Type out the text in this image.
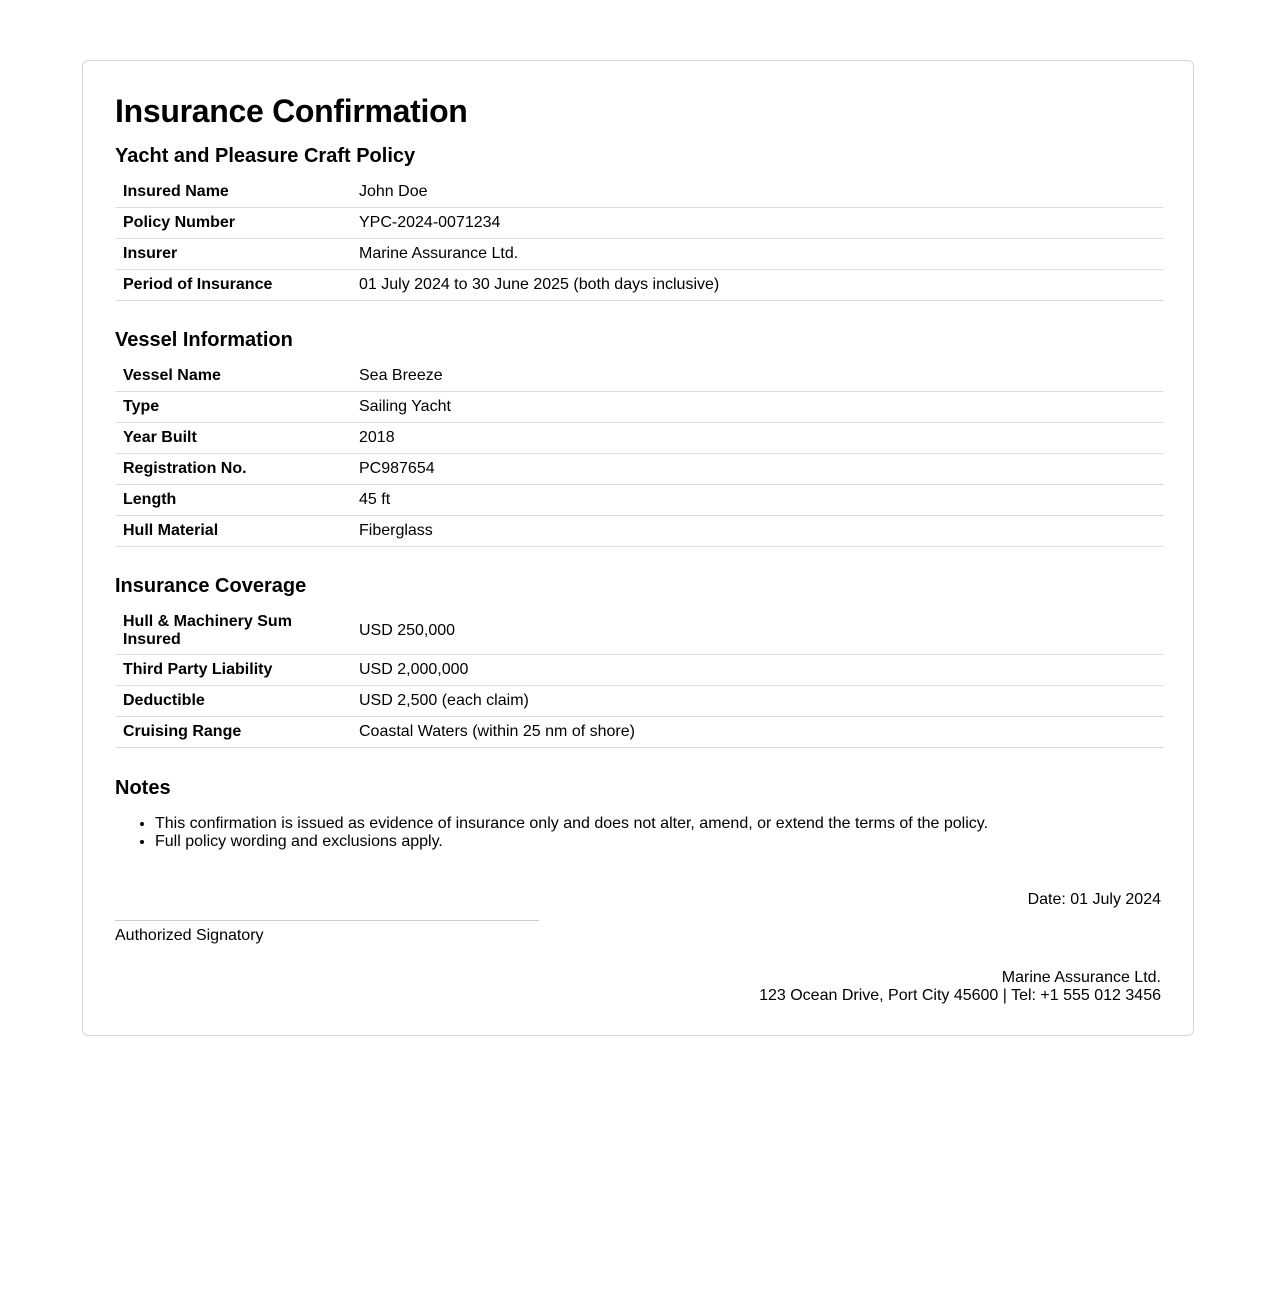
Insurance Confirmation
Yacht and Pleasure Craft Policy
Insured Name	John Doe
Policy Number	YPC-2024-0071234
Insurer	Marine Assurance Ltd.
Period of Insurance	01 July 2024 to 30 June 2025 (both days inclusive)
Vessel Information
Vessel Name	Sea Breeze
Type	Sailing Yacht
Year Built	2018
Registration No.	PC987654
Length	45 ft
Hull Material	Fiberglass
Insurance Coverage
Hull & Machinery Sum Insured	USD 250,000
Third Party Liability	USD 2,000,000
Deductible	USD 2,500 (each claim)
Cruising Range	Coastal Waters (within 25 nm of shore)
Notes
• This confirmation is issued as evidence of insurance only and does not alter, amend, or extend the terms of the policy.
• Full policy wording and exclusions apply.
Date: 01 July 2024
Authorized Signatory
Marine Assurance Ltd.
123 Ocean Drive, Port City 45600 | Tel: +1 555 012 3456
